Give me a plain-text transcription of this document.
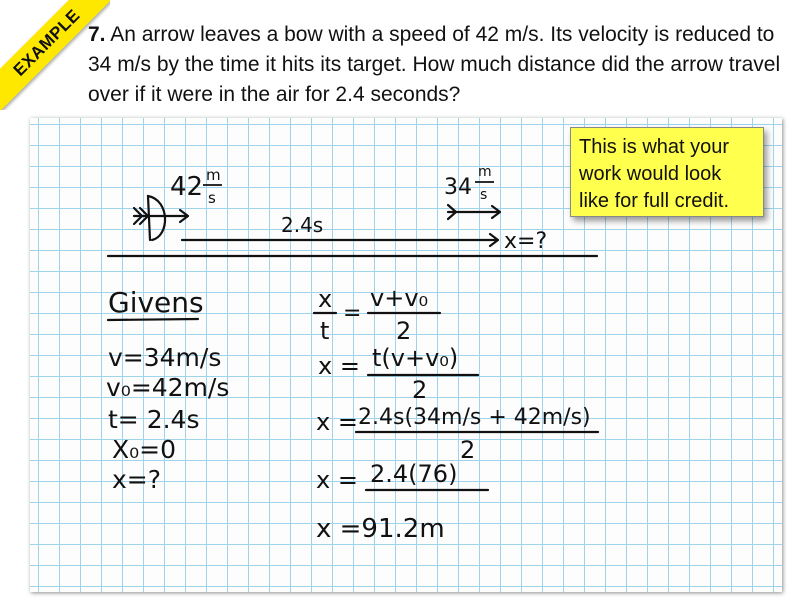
EXAMPLE 7. An arrow leaves a bow with a speed of 42 m/s. Its velocity is reduced to 34 m/s by the time it hits its target. How much distance did the arrow travel over if it were in the air for 2.4 seconds?
42 m
s	34
m
s
2.4s
x=?
Givens
v=34m/s
v₀=42m/s
t= 2.4s
X₀=0
x=?
x
t
=
v+v₀
2
x = t(v+v₀)
2
x = 2.4s(34m/s + 42m/s)
2
x = 2.4(76)
x =91.2m
This is what your
work would look
like for full credit.
